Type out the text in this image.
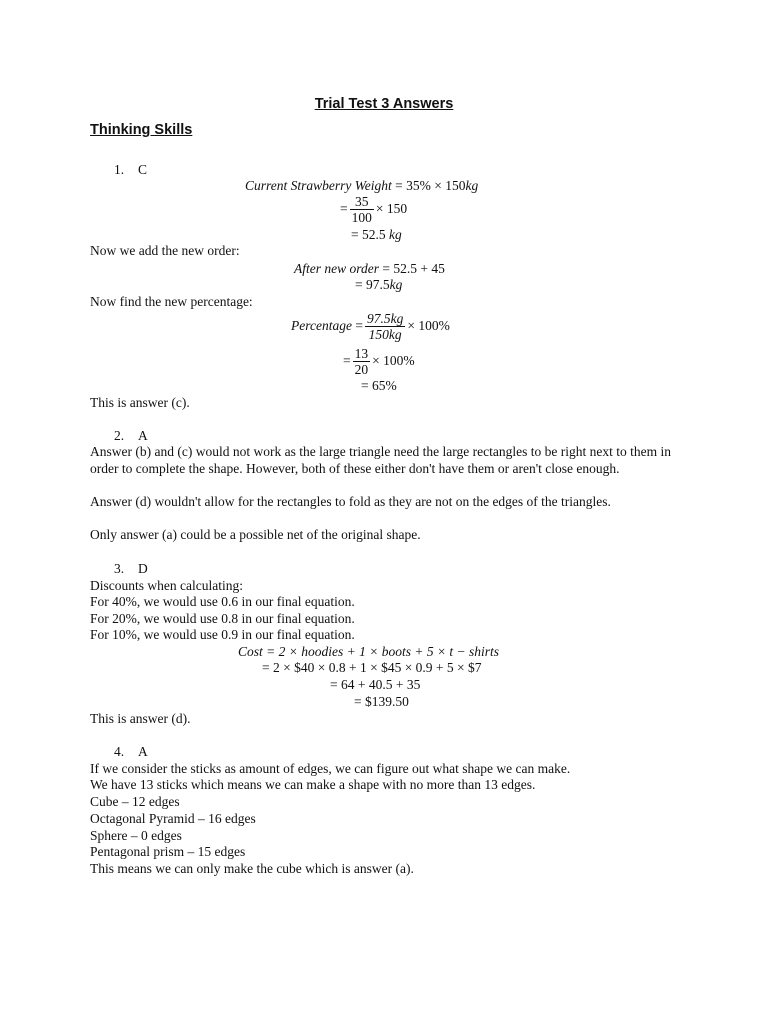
Trial Test 3 Answers
Thinking Skills
1. C
Current Strawberry Weight = 35% × 150kg
= $\frac{35}{100} \times 150$
= 52.5 kg
Now we add the new order:
After new order = 52.5 + 45
= 97.5kg
Now find the new percentage:
Percentage = $\frac{97.5kg}{150kg} \times 100\%$
= $\frac{13}{20} \times 100\%$
= 65%
This is answer (c).
2. A
Answer (b) and (c) would not work as the large triangle need the large rectangles to be right next to them in order to complete the shape. However, both of these either don't have them or aren't close enough.
Answer (d) wouldn't allow for the rectangles to fold as they are not on the edges of the triangles.
Only answer (a) could be a possible net of the original shape.
3. D
Discounts when calculating:
For 40%, we would use 0.6 in our final equation.
For 20%, we would use 0.8 in our final equation.
For 10%, we would use 0.9 in our final equation.
Cost = 2 × hoodies + 1 × boots + 5 × t − shirts
= 2 × $40 × 0.8 + 1 × $45 × 0.9 + 5 × $7
= 64 + 40.5 + 35
= $139.50
This is answer (d).
4. A
If we consider the sticks as amount of edges, we can figure out what shape we can make.
We have 13 sticks which means we can make a shape with no more than 13 edges.
Cube – 12 edges
Octagonal Pyramid – 16 edges
Sphere – 0 edges
Pentagonal prism – 15 edges
This means we can only make the cube which is answer (a).
